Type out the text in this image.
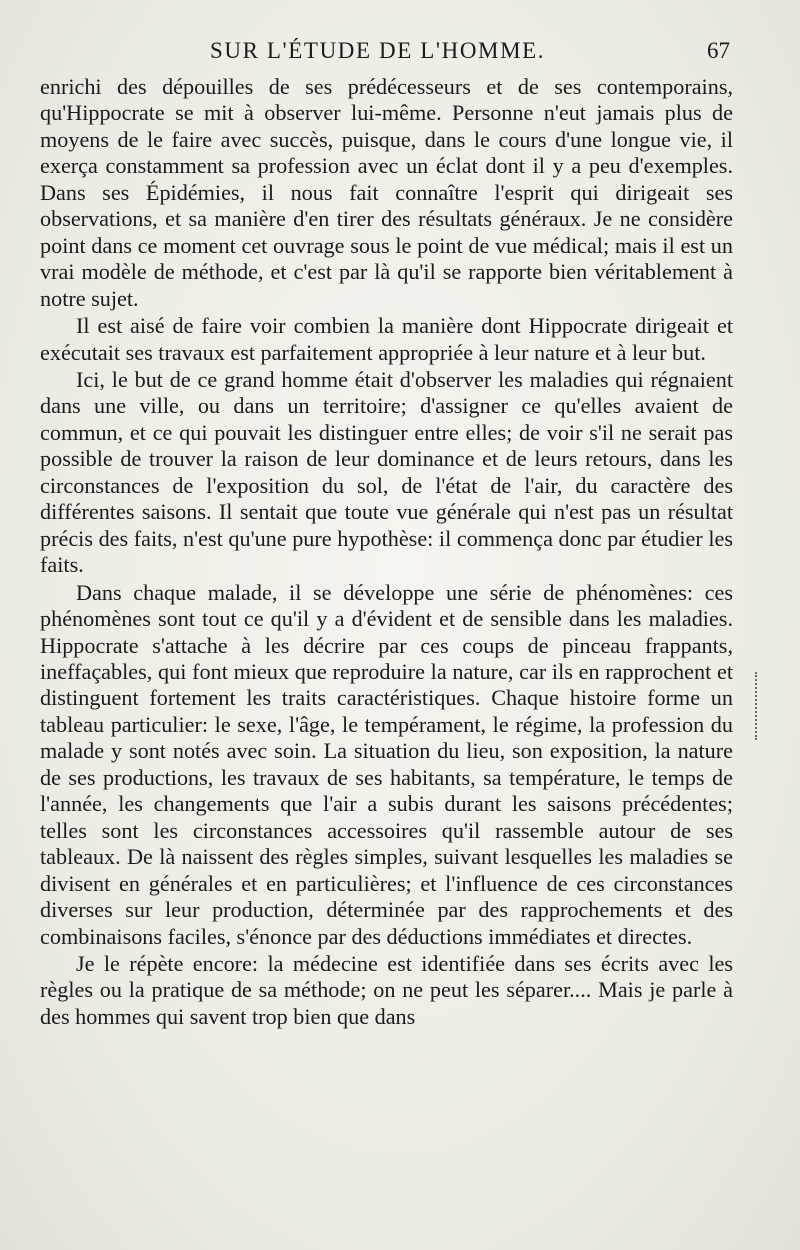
SUR L'ÉTUDE DE L'HOMME.	67

enrichi des dépouilles de ses prédécesseurs et de ses contemporains, qu'Hippocrate se mit à observer lui-même. Personne n'eut jamais plus de moyens de le faire avec succès, puisque, dans le cours d'une longue vie, il exerça constamment sa profession avec un éclat dont il y a peu d'exemples. Dans ses Épidémies, il nous fait connaître l'esprit qui dirigeait ses observations, et sa manière d'en tirer des résultats généraux. Je ne considère point dans ce moment cet ouvrage sous le point de vue médical; mais il est un vrai modèle de méthode, et c'est par là qu'il se rapporte bien véritablement à notre sujet.

Il est aisé de faire voir combien la manière dont Hippocrate dirigeait et exécutait ses travaux est parfaitement appropriée à leur nature et à leur but.

Ici, le but de ce grand homme était d'observer les maladies qui régnaient dans une ville, ou dans un territoire; d'assigner ce qu'elles avaient de commun, et ce qui pouvait les distinguer entre elles; de voir s'il ne serait pas possible de trouver la raison de leur dominance et de leurs retours, dans les circonstances de l'exposition du sol, de l'état de l'air, du caractère des différentes saisons. Il sentait que toute vue générale qui n'est pas un résultat précis des faits, n'est qu'une pure hypothèse: il commença donc par étudier les faits.

Dans chaque malade, il se développe une série de phénomènes: ces phénomènes sont tout ce qu'il y a d'évident et de sensible dans les maladies. Hippocrate s'attache à les décrire par ces coups de pinceau frappants, ineffaçables, qui font mieux que reproduire la nature, car ils en rapprochent et distinguent fortement les traits caractéristiques. Chaque histoire forme un tableau particulier: le sexe, l'âge, le tempérament, le régime, la profession du malade y sont notés avec soin. La situation du lieu, son exposition, la nature de ses productions, les travaux de ses habitants, sa température, le temps de l'année, les changements que l'air a subis durant les saisons précédentes; telles sont les circonstances accessoires qu'il rassemble autour de ses tableaux. De là naissent des règles simples, suivant lesquelles les maladies se divisent en générales et en particulières; et l'influence de ces circonstances diverses sur leur production, déterminée par des rapprochements et des combinaisons faciles, s'énonce par des déductions immédiates et directes.

Je le répète encore: la médecine est identifiée dans ses écrits avec les règles ou la pratique de sa méthode; on ne peut les séparer.... Mais je parle à des hommes qui savent trop bien que dans
